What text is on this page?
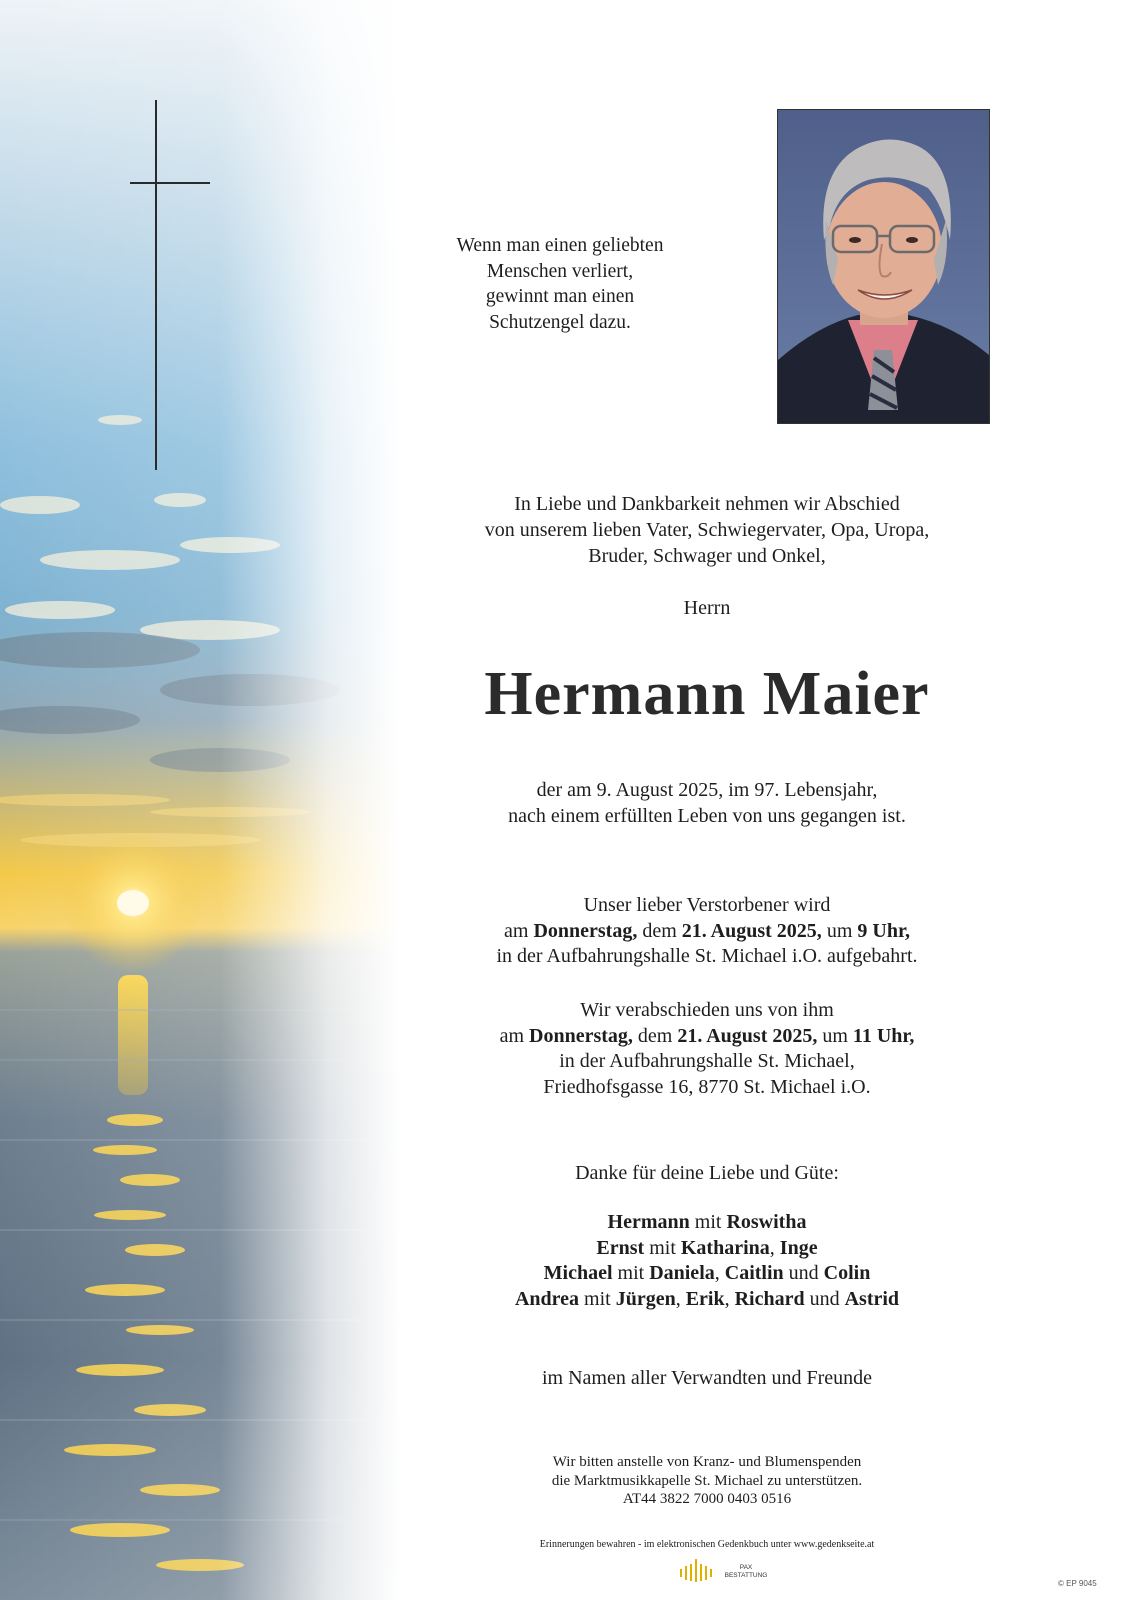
Wenn man einen geliebten
Menschen verliert,
gewinnt man einen
Schutzengel dazu.
In Liebe und Dankbarkeit nehmen wir Abschied
von unserem lieben Vater, Schwiegervater, Opa, Uropa,
Bruder, Schwager und Onkel,
Herrn
Hermann Maier
der am 9. August 2025, im 97. Lebensjahr,
nach einem erfüllten Leben von uns gegangen ist.
Unser lieber Verstorbener wird
am Donnerstag, dem 21. August 2025, um 9 Uhr,
in der Aufbahrungshalle St. Michael i.O. aufgebahrt.
Wir verabschieden uns von ihm
am Donnerstag, dem 21. August 2025, um 11 Uhr,
in der Aufbahrungshalle St. Michael,
Friedhofsgasse 16, 8770 St. Michael i.O.
Danke für deine Liebe und Güte:
Hermann mit Roswitha
Ernst mit Katharina, Inge
Michael mit Daniela, Caitlin und Colin
Andrea mit Jürgen, Erik, Richard und Astrid
im Namen aller Verwandten und Freunde
Wir bitten anstelle von Kranz- und Blumenspenden
die Marktmusikkapelle St. Michael zu unterstützen.
AT44 3822 7000 0403 0516
Erinnerungen bewahren - im elektronischen Gedenkbuch unter www.gedenkseite.at
PAX
BESTATTUNG
© EP 9045
